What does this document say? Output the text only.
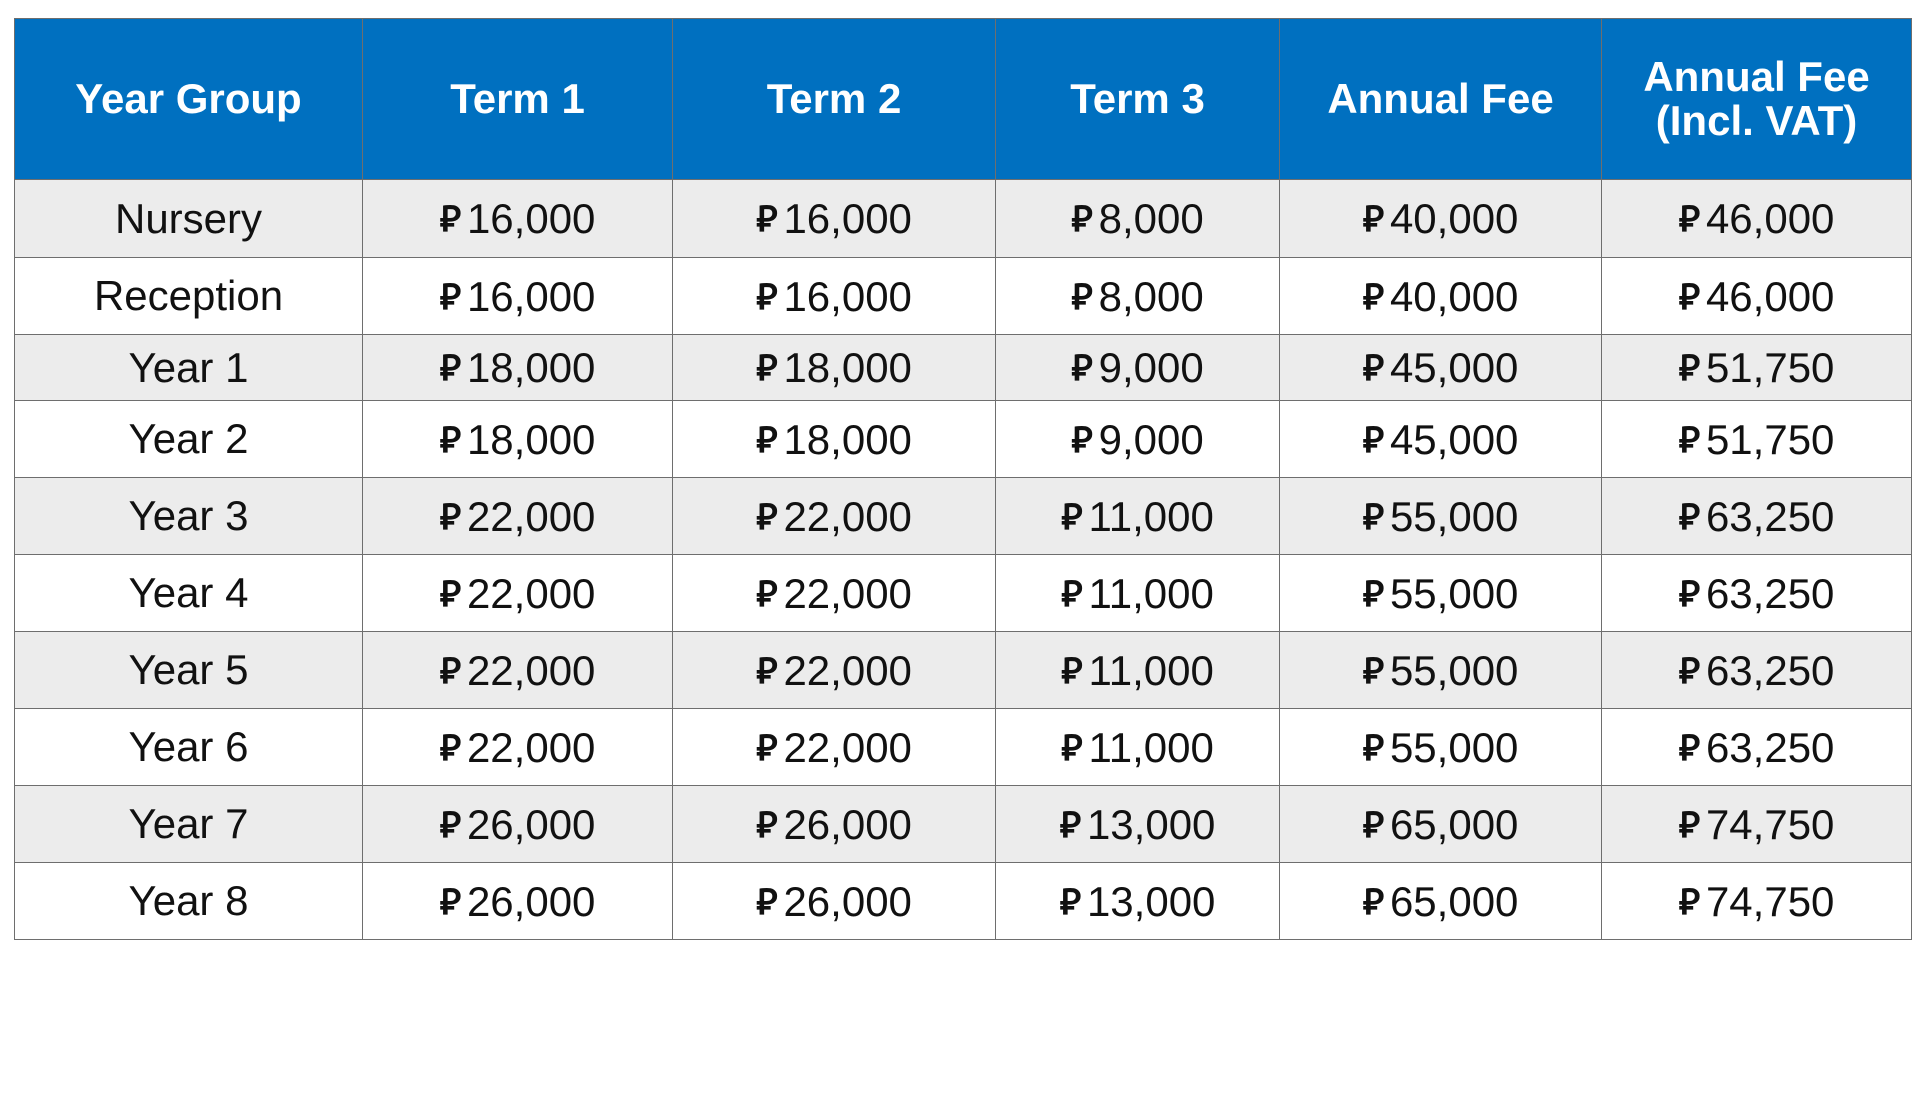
Year Group	Term 1	Term 2	Term 3	Annual Fee	Annual Fee
(Incl. VAT)

Nursery	⃁ 16,000	⃁ 16,000	⃁ 8,000	⃁ 40,000	⃁ 46,000
Reception	⃁ 16,000	⃁ 16,000	⃁ 8,000	⃁ 40,000	⃁ 46,000
Year 1	⃁ 18,000	⃁ 18,000	⃁ 9,000	⃁ 45,000	⃁ 51,750
Year 2	⃁ 18,000	⃁ 18,000	⃁ 9,000	⃁ 45,000	⃁ 51,750
Year 3	⃁ 22,000	⃁ 22,000	⃁ 11,000	⃁ 55,000	⃁ 63,250
Year 4	⃁ 22,000	⃁ 22,000	⃁ 11,000	⃁ 55,000	⃁ 63,250
Year 5	⃁ 22,000	⃁ 22,000	⃁ 11,000	⃁ 55,000	⃁ 63,250
Year 6	⃁ 22,000	⃁ 22,000	⃁ 11,000	⃁ 55,000	⃁ 63,250
Year 7	⃁ 26,000	⃁ 26,000	⃁ 13,000	⃁ 65,000	⃁ 74,750
Year 8	⃁ 26,000	⃁ 26,000	⃁ 13,000	⃁ 65,000	⃁ 74,750
